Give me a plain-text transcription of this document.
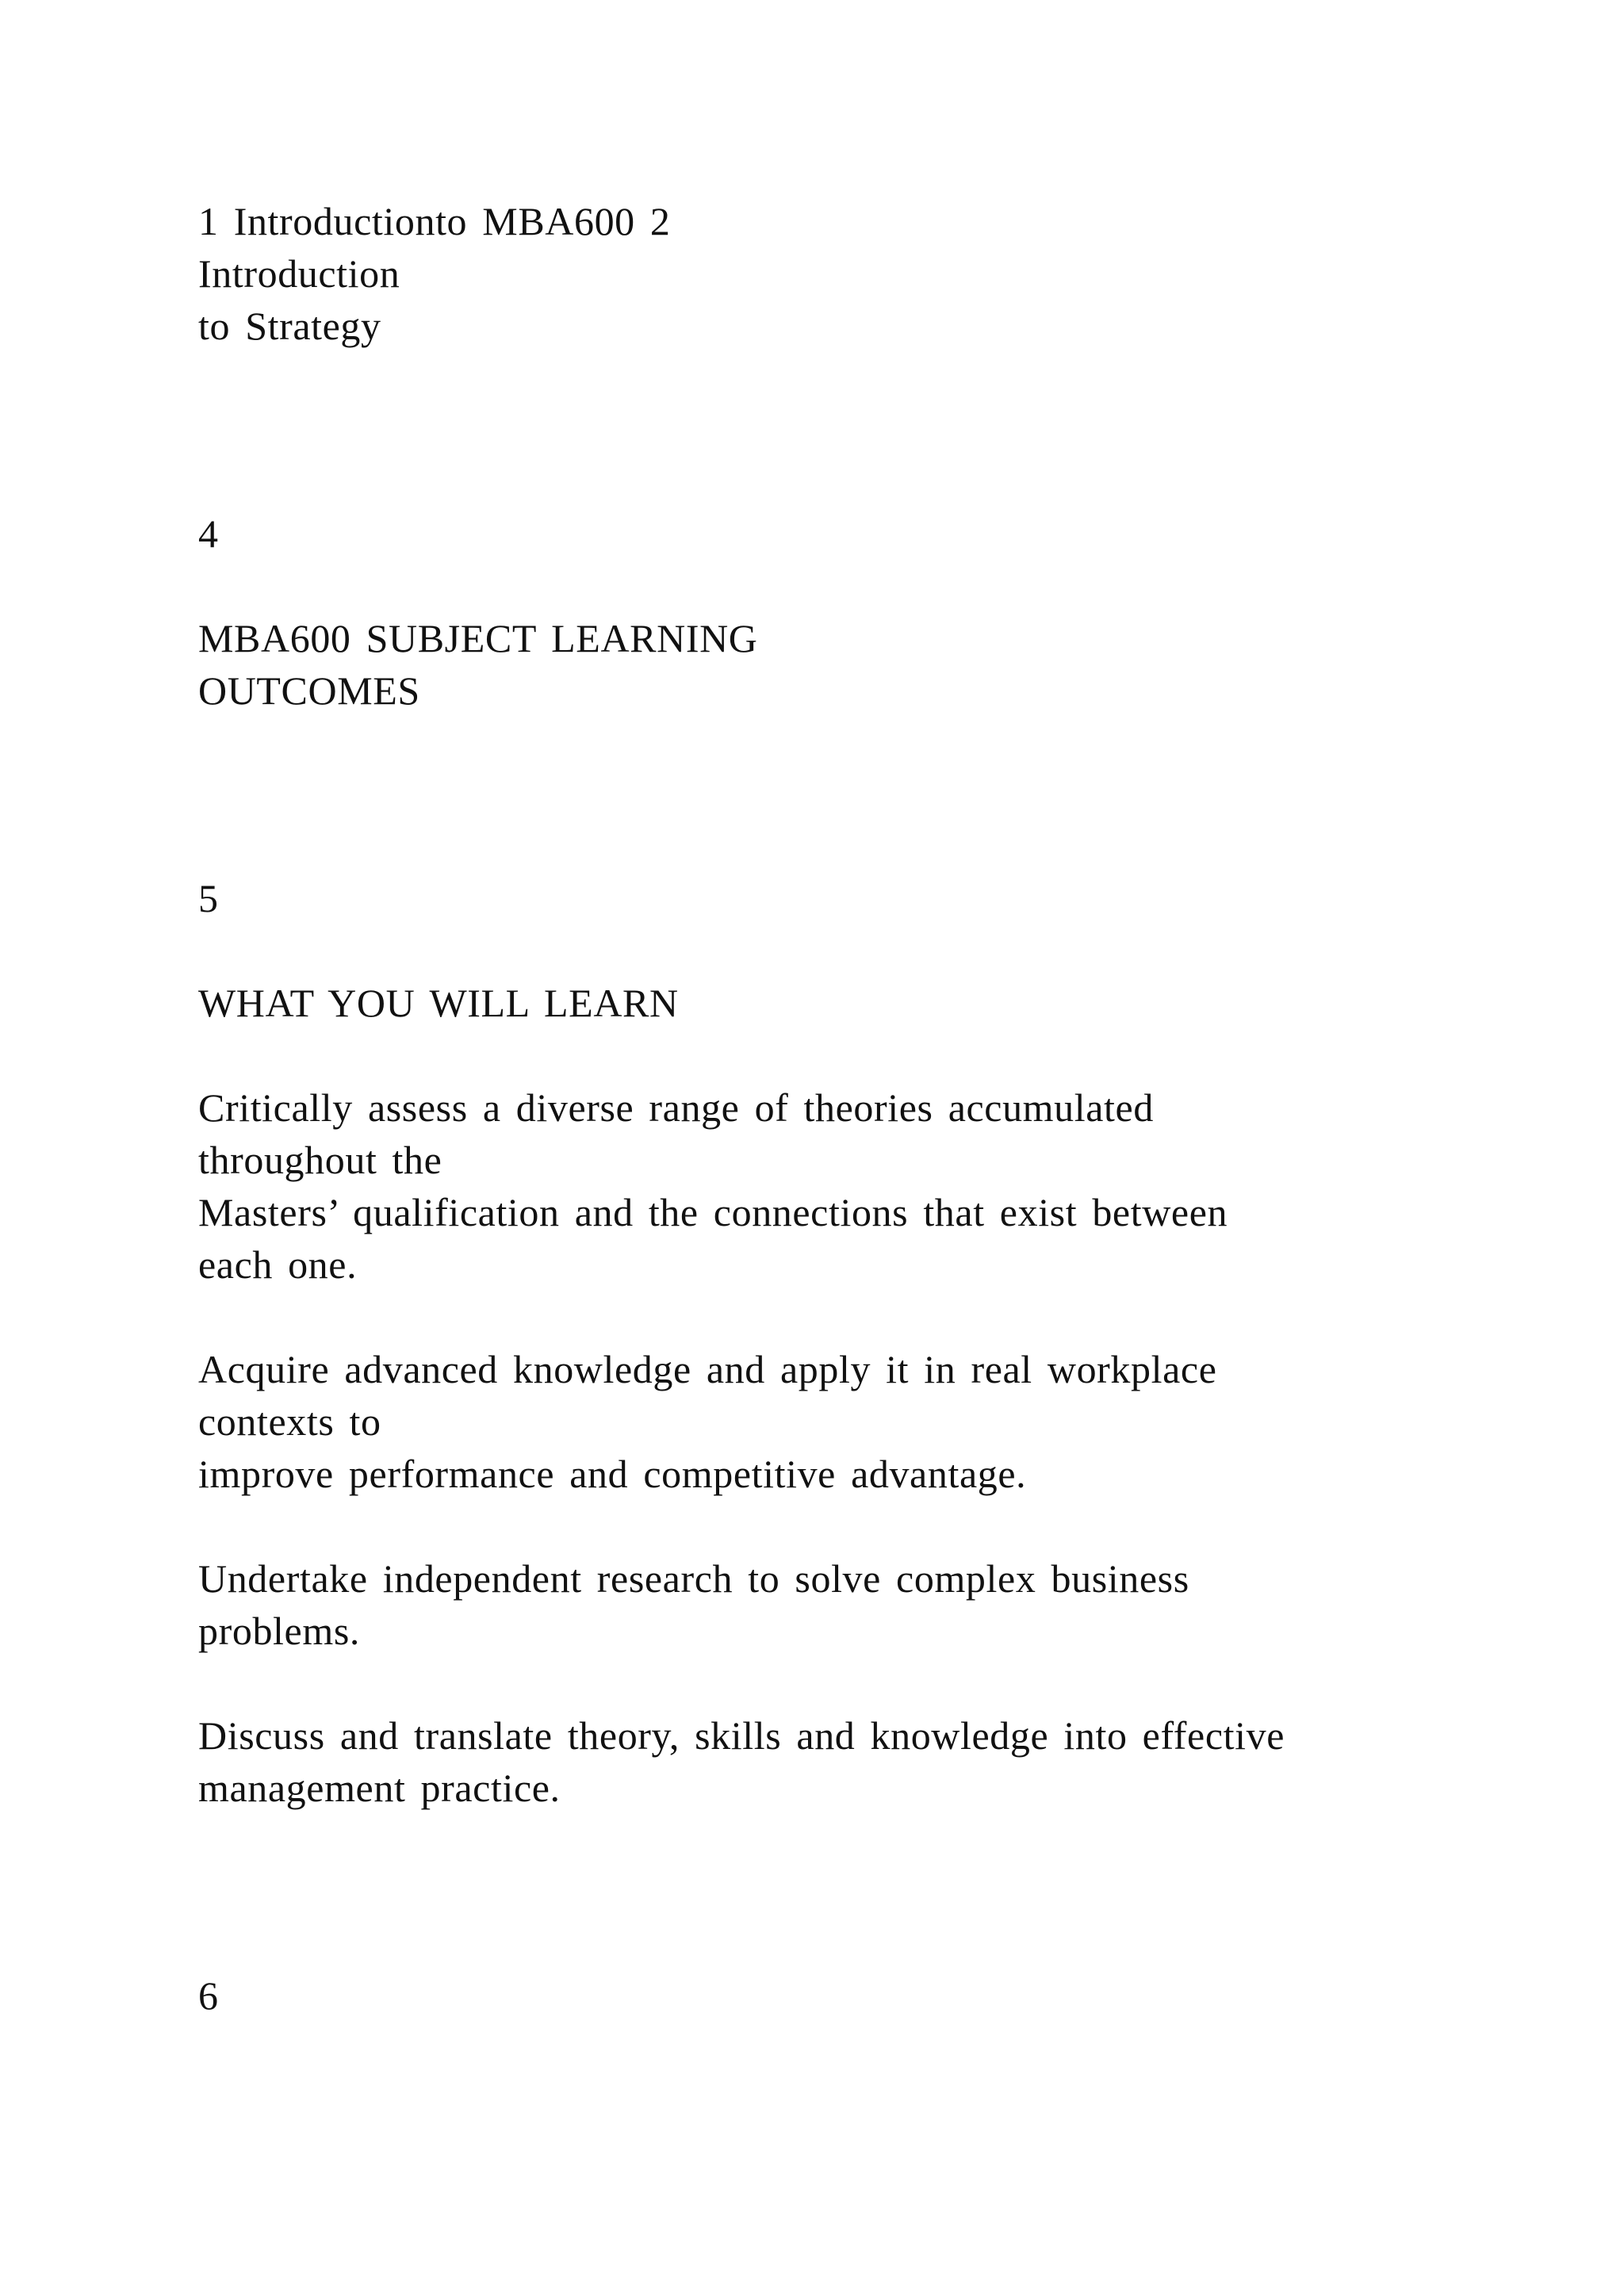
1 Introductionto MBA600 2

Introduction

to Strategy

4

MBA600 SUBJECT LEARNING

OUTCOMES

5

WHAT YOU WILL LEARN

Critically assess a diverse range of theories accumulated

throughout the

Masters’ qualification and the connections that exist between

each one.

Acquire advanced knowledge and apply it in real workplace

contexts to

improve performance and competitive advantage.

Undertake independent research to solve complex business

problems.

Discuss and translate theory, skills and knowledge into effective

management practice.

6
